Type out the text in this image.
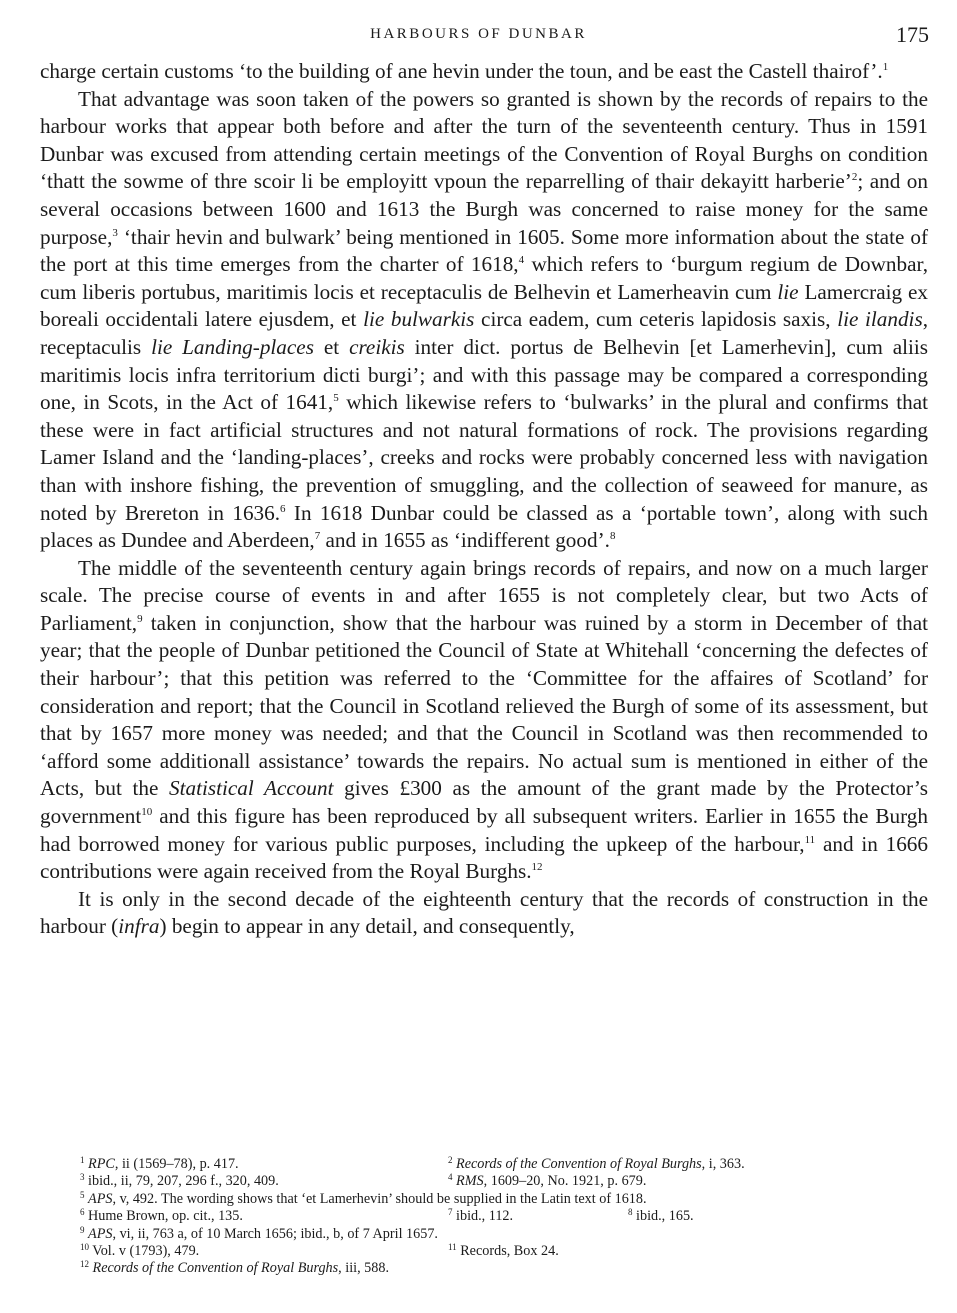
HARBOURS OF DUNBAR	175

charge certain customs ‘to the building of ane hevin under the toun, and be east the Castell thairof’.$^1$

That advantage was soon taken of the powers so granted is shown by the records of repairs to the harbour works that appear both before and after the turn of the seventeenth century. Thus in 1591 Dunbar was excused from attending certain meetings of the Convention of Royal Burghs on condition ‘thatt the sowme of thre scoir li be employitt vpoun the reparrelling of thair dekayitt harberie’$^2$; and on several occasions between 1600 and 1613 the Burgh was concerned to raise money for the same purpose,$^3$ ‘thair hevin and bulwark’ being mentioned in 1605. Some more information about the state of the port at this time emerges from the charter of 1618,$^4$ which refers to ‘burgum regium de Downbar, cum liberis portubus, maritimis locis et receptaculis de Belhevin et Lamerheavin cum lie Lamercraig ex boreali occidentali latere ejusdem, et lie bulwarkis circa eadem, cum ceteris lapidosis saxis, lie ilandis, receptaculis lie Landing-places et creikis inter dict. portus de Belhevin [et Lamerhevin], cum aliis maritimis locis infra territorium dicti burgi’; and with this passage may be compared a corresponding one, in Scots, in the Act of 1641,$^5$ which likewise refers to ‘bulwarks’ in the plural and confirms that these were in fact artificial structures and not natural formations of rock. The provisions regarding Lamer Island and the ‘landing-places’, creeks and rocks were probably concerned less with navigation than with inshore fishing, the prevention of smuggling, and the collection of seaweed for manure, as noted by Brereton in 1636.$^6$ In 1618 Dunbar could be classed as a ‘portable town’, along with such places as Dundee and Aberdeen,$^7$ and in 1655 as ‘indifferent good’.$^8$

The middle of the seventeenth century again brings records of repairs, and now on a much larger scale. The precise course of events in and after 1655 is not completely clear, but two Acts of Parliament,$^9$ taken in conjunction, show that the harbour was ruined by a storm in December of that year; that the people of Dunbar petitioned the Council of State at Whitehall ‘concerning the defectes of their harbour’; that this petition was referred to the ‘Committee for the affaires of Scotland’ for consideration and report; that the Council in Scotland relieved the Burgh of some of its assessment, but that by 1657 more money was needed; and that the Council in Scotland was then recommended to ‘afford some additionall assistance’ towards the repairs. No actual sum is mentioned in either of the Acts, but the Statistical Account gives £300 as the amount of the grant made by the Protector’s government$^{10}$ and this figure has been reproduced by all subsequent writers. Earlier in 1655 the Burgh had borrowed money for various public purposes, including the upkeep of the harbour,$^{11}$ and in 1666 contributions were again received from the Royal Burghs.$^{12}$

It is only in the second decade of the eighteenth century that the records of construction in the harbour (infra) begin to appear in any detail, and consequently,

$^1$ RPC, ii (1569–78), p. 417.	$^2$ Records of the Convention of Royal Burghs, i, 363.
$^3$ ibid., ii, 79, 207, 296 f., 320, 409.	$^4$ RMS, 1609–20, No. 1921, p. 679.
$^5$ APS, v, 492. The wording shows that ‘et Lamerhevin’ should be supplied in the Latin text of 1618.
$^6$ Hume Brown, op. cit., 135.	$^7$ ibid., 112.	$^8$ ibid., 165.
$^9$ APS, vi, ii, 763 a, of 10 March 1656; ibid., b, of 7 April 1657.
$^{10}$ Vol. v (1793), 479.	$^{11}$ Records, Box 24.
$^{12}$ Records of the Convention of Royal Burghs, iii, 588.
